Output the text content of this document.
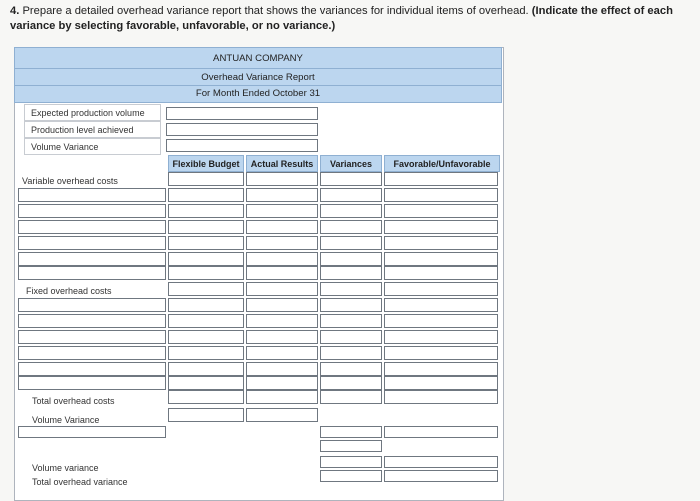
4. Prepare a detailed overhead variance report that shows the variances for individual items of overhead. (Indicate the effect of each variance by selecting favorable, unfavorable, or no variance.)
ANTUAN COMPANY
Overhead Variance Report
For Month Ended October 31
Expected production volume
Production level achieved
Volume Variance
Flexible Budget	Actual Results	Variances	Favorable/Unfavorable
Variable overhead costs
Fixed overhead costs
Total overhead costs
Volume Variance
Volume variance
Total overhead variance
